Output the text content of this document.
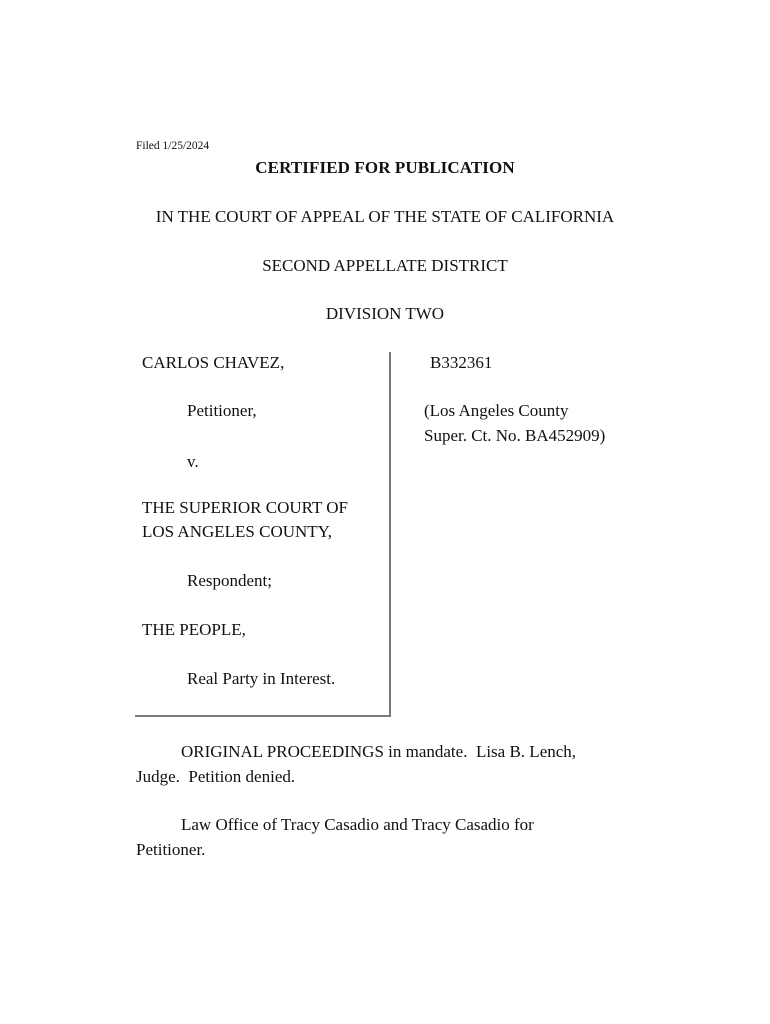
Filed 1/25/2024
CERTIFIED FOR PUBLICATION
IN THE COURT OF APPEAL OF THE STATE OF CALIFORNIA
SECOND APPELLATE DISTRICT
DIVISION TWO
CARLOS CHAVEZ,
Petitioner,
v.
THE SUPERIOR COURT OF
LOS ANGELES COUNTY,
Respondent;
THE PEOPLE,
Real Party in Interest.
B332361
(Los Angeles County
Super. Ct. No. BA452909)
ORIGINAL PROCEEDINGS in mandate.  Lisa B. Lench,
Judge.  Petition denied.
Law Office of Tracy Casadio and Tracy Casadio for
Petitioner.
